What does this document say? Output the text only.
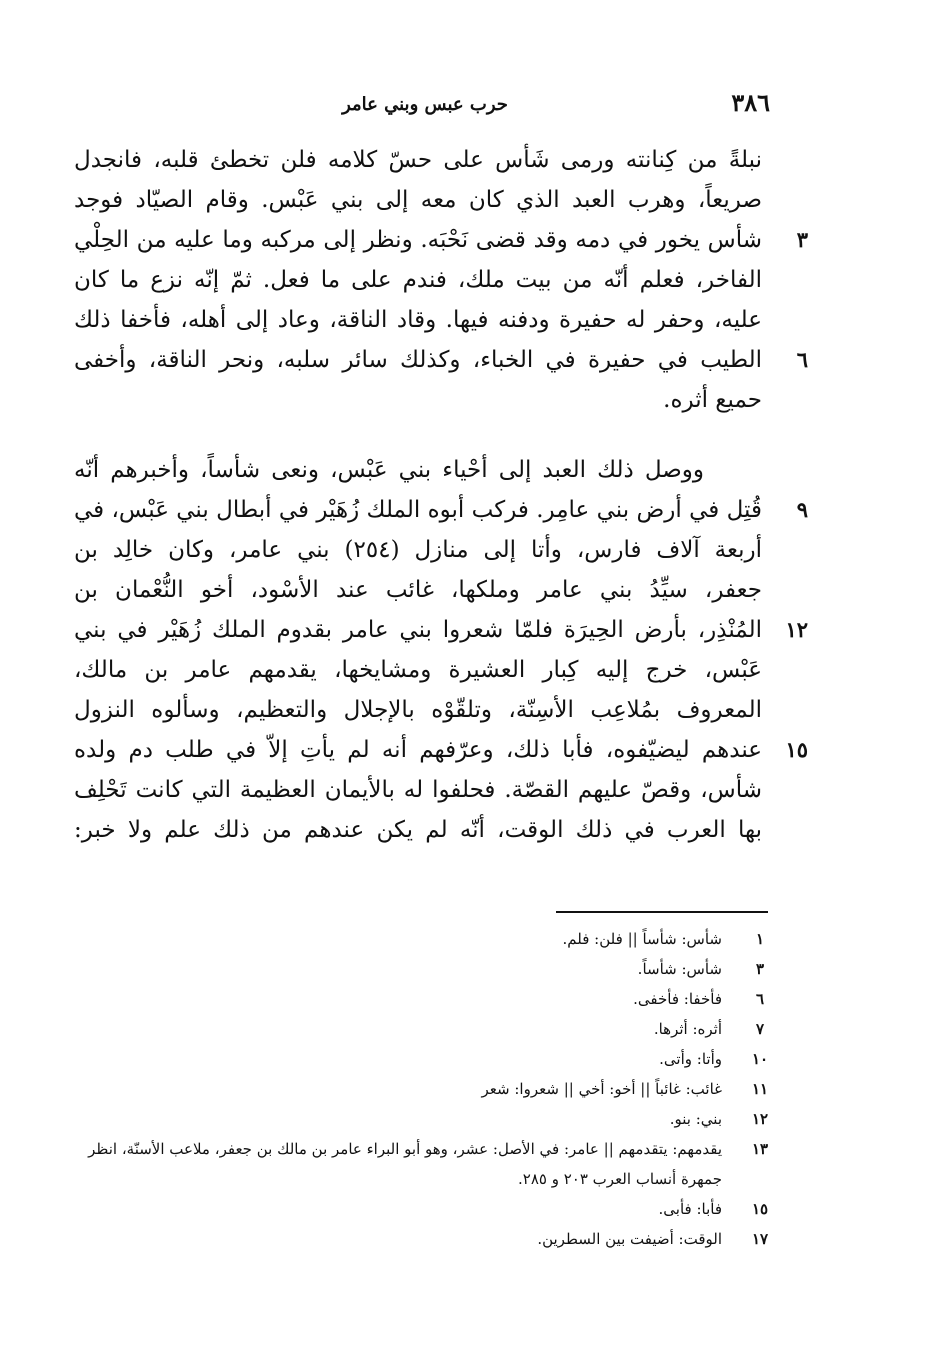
٣٨٦
حرب عبس وبني عامر
نبلةً من كِنانته ورمى شَأس على حسّ كلامه فلن تخطئ قلبه، فانجدل
صريعاً، وهرب العبد الذي كان معه إلى بني عَبْس. وقام الصيّاد فوجد
٣
شأس يخور في دمه وقد قضى نَحْبَه. ونظر إلى مركبه وما عليه من الحِلْي
الفاخر، فعلم أنّه من بيت ملك، فندم على ما فعل. ثمّ إنّه نزع ما كان
عليه، وحفر له حفيرة ودفنه فيها. وقاد الناقة، وعاد إلى أهله، فأخفا ذلك
٦
الطيب في حفيرة في الخباء، وكذلك سائر سلبه، ونحر الناقة، وأخفى
حميع أثره.
ووصل ذلك العبد إلى أحْياء بني عَبْس، ونعى شأساً، وأخبرهم أنّه
٩
قُتِل في أرض بني عامِر. فركب أبوه الملك زُهَيْر في أبطال بني عَبْس، في
أربعة آلاف فارس، وأتا إلى منازل (٢٥٤) بني عامر، وكان خالِد بن
جعفر، سيِّدُ بني عامر وملكها، غائب عند الأسْود، أخو النُّعْمان بن
١٢
المُنْذِر، بأرض الحِيرَة فلمّا شعروا بني عامر بقدوم الملك زُهَيْر في بني
عَبْس، خرج إليه كِبار العشيرة ومشايخها، يقدمهم عامر بن مالك،
المعروف بمُلاعِب الأسِنّة، وتلقّوْه بالإجلال والتعظيم، وسألوه النزول
١٥
عندهم ليضيّفوه، فأبا ذلك، وعرّفهم أنه لم يأتِ إلاّ في طلب دم ولده
شأس، وقصّ عليهم القصّة. فحلفوا له بالأيمان العظيمة التي كانت تَحْلِف
بها العرب في ذلك الوقت، أنّه لم يكن عندهم من ذلك علم ولا خبر:
١
شأس: شأساً || فلن: فلم.
٣
شأس: شأساً.
٦
فأخفا: فأخفى.
٧
أثره: أثرها.
١٠
وأتا: وأتى.
١١
غائب: غائباً || أخو: أخي || شعروا: شعر
١٢
بني: بنو.
١٣
يقدمهم: يتقدمهم || عامر: في الأصل: عشر، وهو أبو البراء عامر بن مالك بن جعفر، ملاعب الأسنّة، انظر جمهرة أنساب العرب ٢٠٣ و ٢٨٥.
١٥
فأبا: فأبى.
١٧
الوقت: أضيفت بين السطرين.
